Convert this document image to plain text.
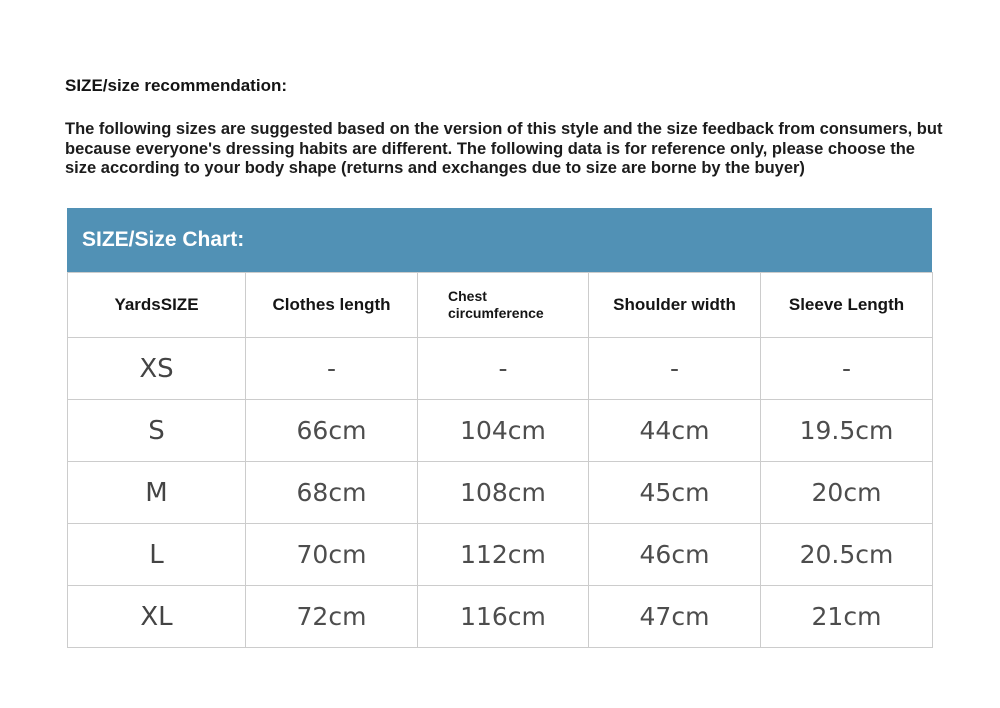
SIZE/size recommendation:

The following sizes are suggested based on the version of this style and the size feedback from consumers, but because everyone's dressing habits are different. The following data is for reference only, please choose the size according to your body shape (returns and exchanges due to size are borne by the buyer)

SIZE/Size Chart:
YardsSIZE	Clothes length	Chest circumference	Shoulder width	Sleeve Length
XS	-	-	-	-
S	66cm	104cm	44cm	19.5cm
M	68cm	108cm	45cm	20cm
L	70cm	112cm	46cm	20.5cm
XL	72cm	116cm	47cm	21cm
